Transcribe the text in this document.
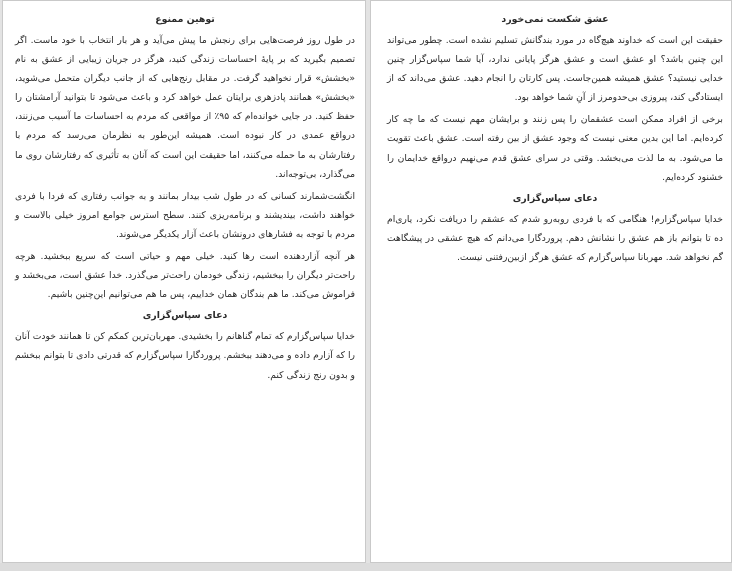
توهین ممنوع

در طول روز فرصت‌هایی برای رنجش ما پیش می‌آید و هر بار انتخاب با خود ماست. اگر تصمیم بگیرید که بر پایهٔ احساسات زندگی کنید، هرگز در جریان زیبایی از عشق به نام «بخشش» قرار نخواهید گرفت. در مقابل رنج‌هایی که از جانب دیگران متحمل می‌شوید، «بخشش» همانند پادزهری برایتان عمل خواهد کرد و باعث می‌شود تا بتوانید آرامشتان را حفظ کنید. در جایی خوانده‌ام که ۹۵٪ از مواقعی که مردم به احساسات ما آسیب می‌زنند، درواقع عمدی در کار نبوده است. همیشه این‌طور به نظرمان می‌رسد که مردم با رفتارشان به ما حمله می‌کنند، اما حقیقت این است که آنان به تأثیری که رفتارشان روی ما می‌گذارد، بی‌توجه‌اند.

انگشت‌شمارند کسانی که در طول شب بیدار بمانند و به جوانب رفتاری که فردا با فردی خواهند داشت، بیندیشند و برنامه‌ریزی کنند. سطح استرس جوامع امروز خیلی بالاست و مردم با توجه به فشارهای درونشان باعث آزار یکدیگر می‌شوند.

هر آنچه آزاردهنده است رها کنید. خیلی مهم و حیاتی است که سریع ببخشید. هرچه راحت‌تر دیگران را ببخشیم، زندگی خودمان راحت‌تر می‌گذرد. خدا عشق است، می‌بخشد و فراموش می‌کند. ما هم بندگان همان خداییم، پس ما هم می‌توانیم این‌چنین باشیم.

دعای سپاس‌گزاری

خدایا سپاس‌گزارم که تمام گناهانم را بخشیدی. مهربان‌ترین کمکم کن تا همانند خودت آنان را که آزارم داده و می‌دهند ببخشم. پروردگارا سپاس‌گزارم که قدرتی دادی تا بتوانم ببخشم و بدون رنج زندگی کنم.

عشق شکست نمی‌خورد

حقیقت این است که خداوند هیچ‌گاه در مورد بندگانش تسلیم نشده است. چطور می‌تواند این چنین باشد؟ او عشق است و عشق هرگز پایانی ندارد، آیا شما سپاس‌گزار چنین خدایی نیستید؟ عشق همیشه همین‌جاست. پس کارتان را انجام دهید. عشق می‌داند که از ایستادگی کند، پیروزی بی‌حدومرز از آنِ شما خواهد بود.

برخی از افراد ممکن است عشقمان را پس زنند و برایشان مهم نیست که ما چه کار کرده‌ایم. اما این بدین معنی نیست که وجود عشق از بین رفته است. عشق باعث تقویت ما می‌شود. به ما لذت می‌بخشد. وقتی در سرای عشق قدم می‌نهیم درواقع خدایمان را خشنود کرده‌ایم.

دعای سپاس‌گزاری

خدایا سپاس‌گزارم! هنگامی که با فردی روبه‌رو شدم که عشقم را دریافت نکرد، یاری‌ام ده تا بتوانم باز هم عشق را نشانش دهم. پروردگارا می‌دانم که هیچ عشقی در پیشگاهت گم نخواهد شد. مهربانا سپاس‌گزارم که عشق هرگز ازبین‌رفتنی نیست.
